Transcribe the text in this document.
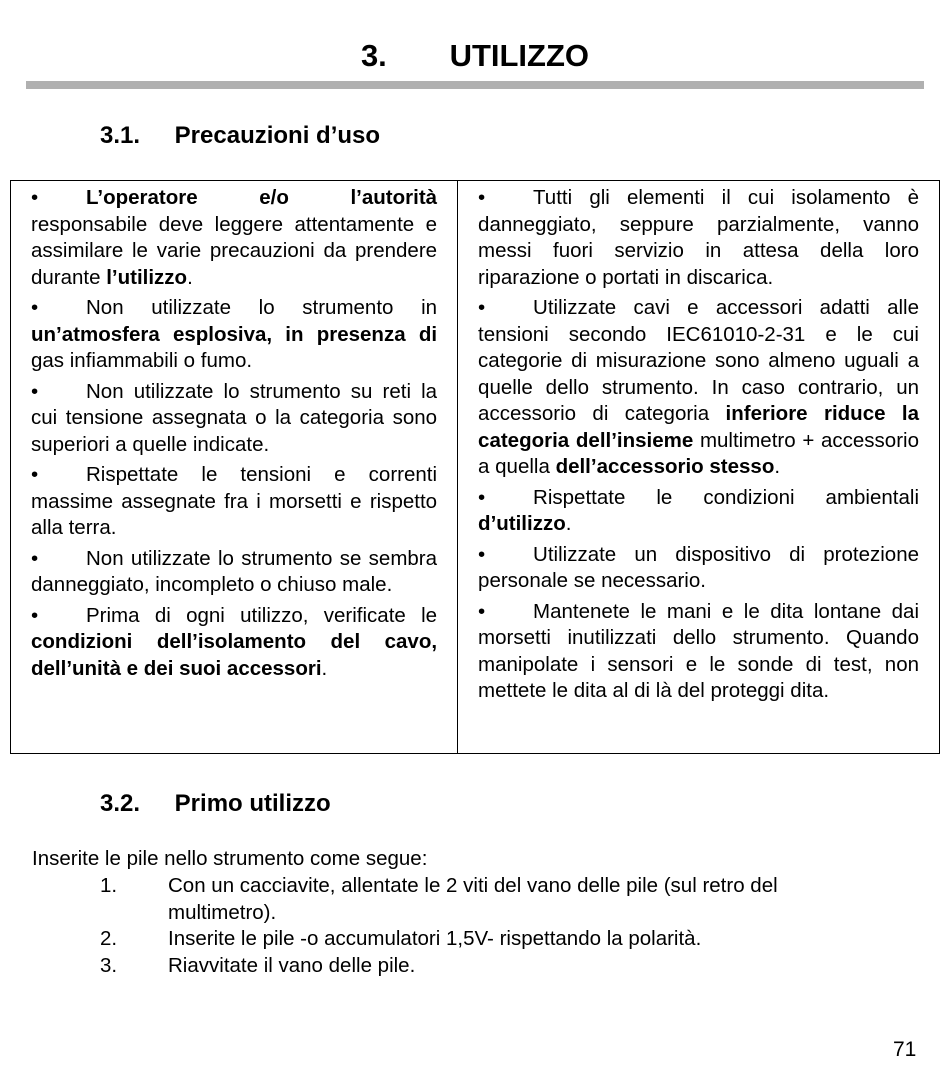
3. UTILIZZO
3.1. Precauzioni d’uso
• L’operatore e/o l’autorità responsabile deve leggere attentamente e assimilare le varie precauzioni da prendere durante l’utilizzo.
• Non utilizzate lo strumento in un’atmosfera esplosiva, in presenza di gas infiammabili o fumo.
• Non utilizzate lo strumento su reti la cui tensione assegnata o la categoria sono superiori a quelle indicate.
• Rispettate le tensioni e correnti massime assegnate fra i morsetti e rispetto alla terra.
• Non utilizzate lo strumento se sembra danneggiato, incompleto o chiuso male.
• Prima di ogni utilizzo, verificate le condizioni dell’isolamento del cavo, dell’unità e dei suoi accessori.
• Tutti gli elementi il cui isolamento è danneggiato, seppure parzialmente, vanno messi fuori servizio in attesa della loro riparazione o portati in discarica.
• Utilizzate cavi e accessori adatti alle tensioni secondo IEC61010-2-31 e le cui categorie di misurazione sono almeno uguali a quelle dello strumento. In caso contrario, un accessorio di categoria inferiore riduce la categoria dell’insieme multimetro + accessorio a quella dell’accessorio stesso.
• Rispettate le condizioni ambientali d’utilizzo.
• Utilizzate un dispositivo di protezione personale se necessario.
• Mantenete le mani e le dita lontane dai morsetti inutilizzati dello strumento. Quando manipolate i sensori e le sonde di test, non mettete le dita al di là del proteggi dita.
3.2. Primo utilizzo
Inserite le pile nello strumento come segue:
1. Con un cacciavite, allentate le 2 viti del vano delle pile (sul retro del multimetro).
2. Inserite le pile -o accumulatori 1,5V- rispettando la polarità.
3. Riavvitate il vano delle pile.
71
